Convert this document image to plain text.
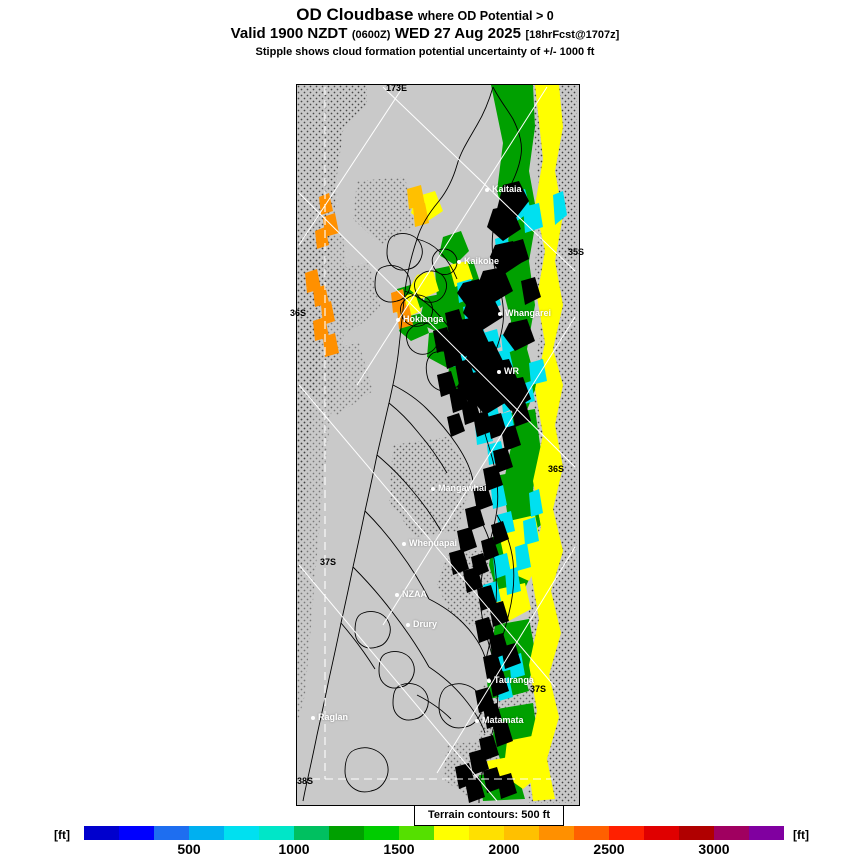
OD Cloudbase where OD Potential > 0
Valid 1900 NZDT (0600Z) WED 27 Aug 2025 [18hrFcst@1707z]
Stipple shows cloud formation potential uncertainty of +/- 1000 ft
173E
35S
36S
36S
37S
37S
38S
Kaitaia
Kaikohe
Whangarei
Hokianga
WR
Mangawhai
Whenuapai
NZAA
Drury
Tauranga
Matamata
Raglan
Terrain contours: 500 ft
[ft]	[ft]
500	1000	1500	2000	2500	3000
